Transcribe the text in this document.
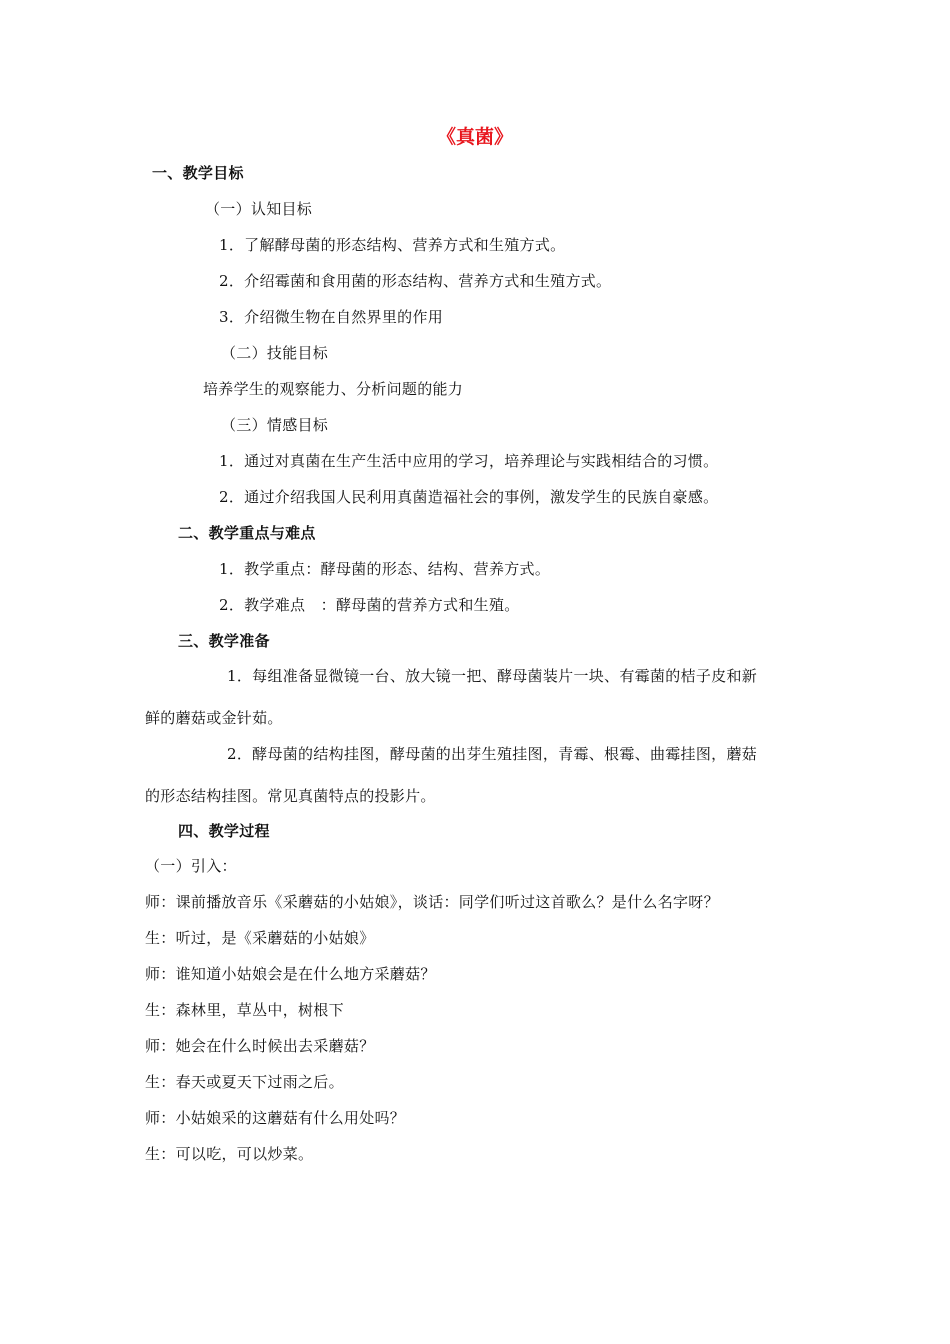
《真菌》
一、教学目标
（一）认知目标
1．了解酵母菌的形态结构、营养方式和生殖方式。
2．介绍霉菌和食用菌的形态结构、营养方式和生殖方式。
3．介绍微生物在自然界里的作用
（二）技能目标
培养学生的观察能力、分析问题的能力
（三）情感目标
1．通过对真菌在生产生活中应用的学习，培养理论与实践相结合的习惯。
2．通过介绍我国人民利用真菌造福社会的事例，激发学生的民族自豪感。
二、教学重点与难点
1．教学重点：酵母菌的形态、结构、营养方式。
2．教学难点　：酵母菌的营养方式和生殖。
三、教学准备
1．每组准备显微镜一台、放大镜一把、酵母菌装片一块、有霉菌的桔子皮和新
鲜的蘑菇或金针茹。
2．酵母菌的结构挂图，酵母菌的出芽生殖挂图，青霉、根霉、曲霉挂图，蘑菇
的形态结构挂图。常见真菌特点的投影片。
四、教学过程
（一）引入：
师：课前播放音乐《采蘑菇的小姑娘》，谈话：同学们听过这首歌么？是什么名字呀？
生：听过，是《采蘑菇的小姑娘》
师：谁知道小姑娘会是在什么地方采蘑菇？
生：森林里，草丛中，树根下
师：她会在什么时候出去采蘑菇？
生：春天或夏天下过雨之后。
师：小姑娘采的这蘑菇有什么用处吗？
生：可以吃，可以炒菜。
